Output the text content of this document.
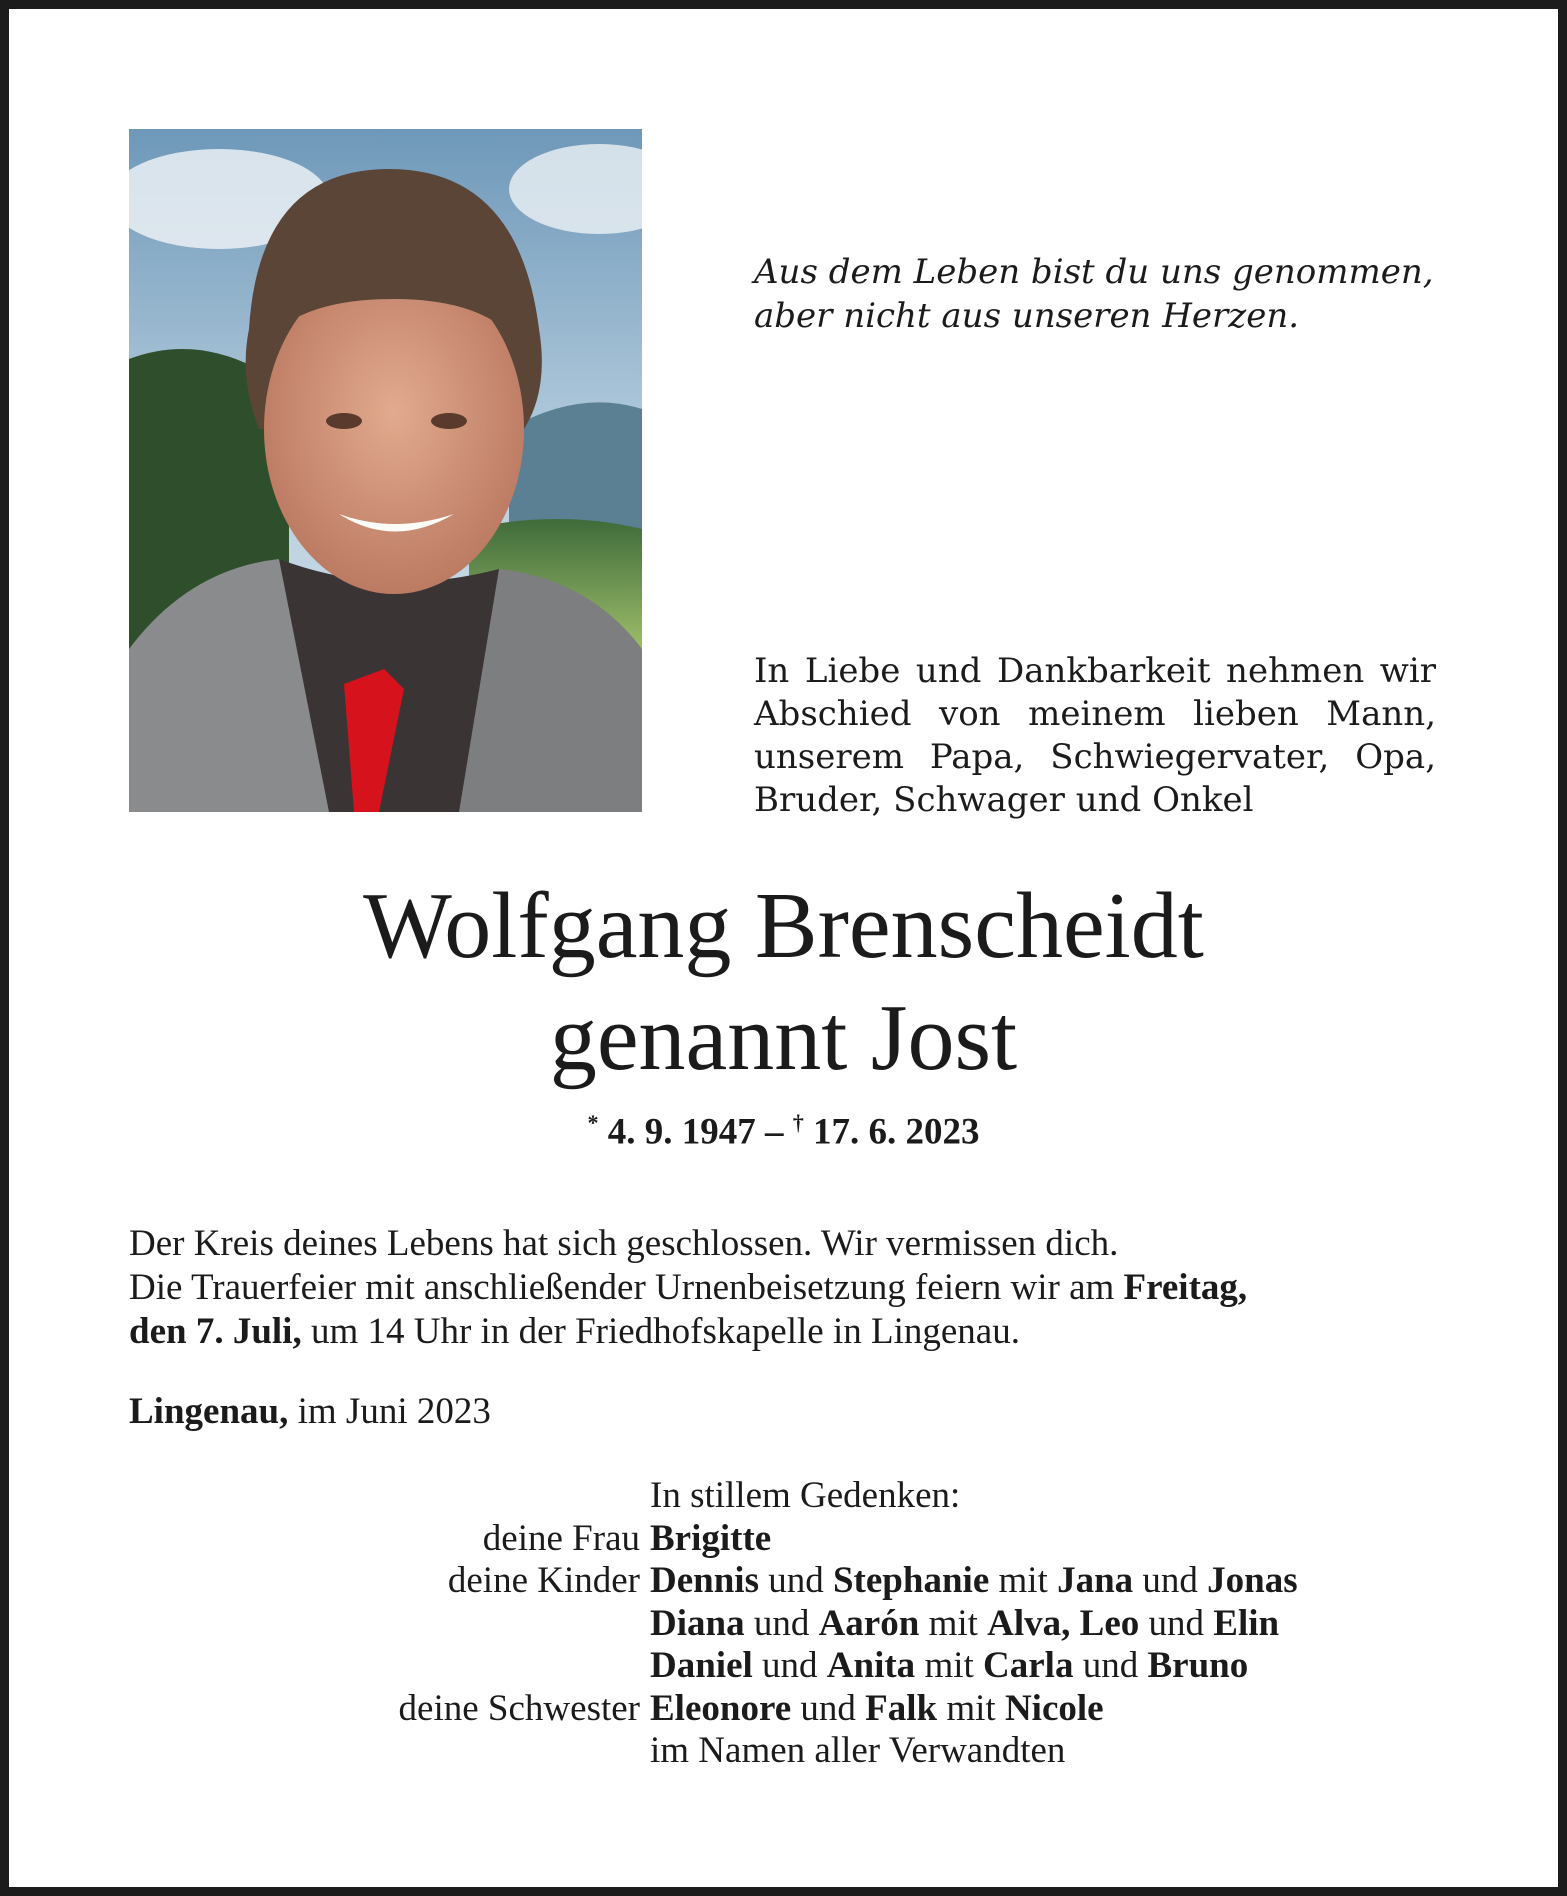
Aus dem Leben bist du uns genommen,
aber nicht aus unseren Herzen.
In Liebe und Dankbarkeit nehmen wir
Abschied von meinem lieben Mann,
unserem Papa, Schwiegervater, Opa,
Bruder, Schwager und Onkel
Wolfgang Brenscheidt
genannt Jost
* 4. 9. 1947 – † 17. 6. 2023
Der Kreis deines Lebens hat sich geschlossen. Wir vermissen dich.
Die Trauerfeier mit anschließender Urnenbeisetzung feiern wir am Freitag,
den 7. Juli, um 14 Uhr in der Friedhofskapelle in Lingenau.
Lingenau, im Juni 2023
In stillem Gedenken:
deine Frau Brigitte
deine Kinder Dennis und Stephanie mit Jana und Jonas
Diana und Aarón mit Alva, Leo und Elin
Daniel und Anita mit Carla und Bruno
deine Schwester Eleonore und Falk mit Nicole
im Namen aller Verwandten
